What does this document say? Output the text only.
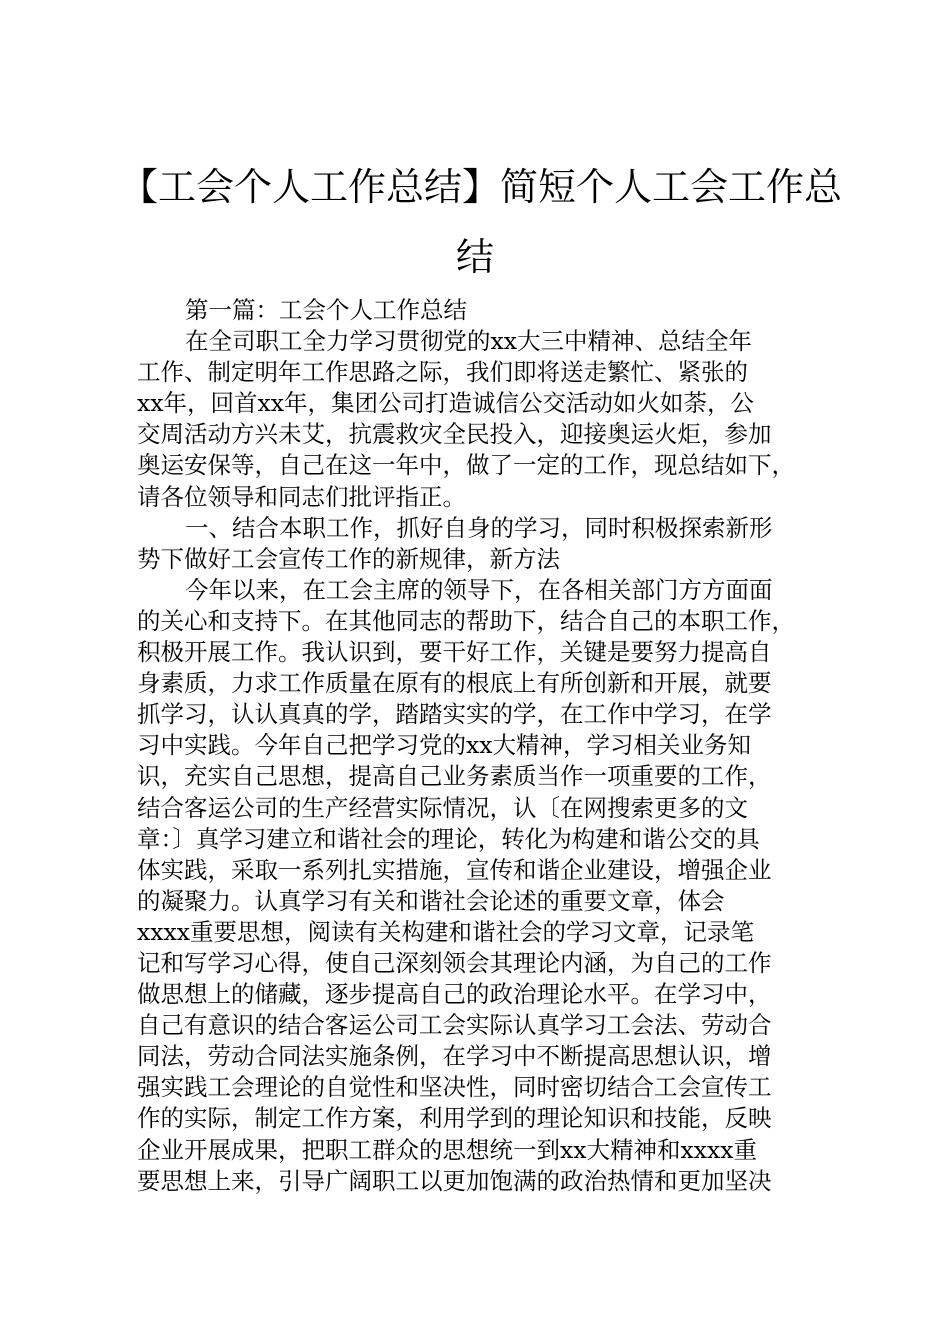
【工会个人工作总结】简短个人工会工作总
结
第一篇：工会个人工作总结
在全司职工全力学习贯彻党的xx大三中精神、总结全年
工作、制定明年工作思路之际，我们即将送走繁忙、紧张的
xx年，回首xx年，集团公司打造诚信公交活动如火如荼，公
交周活动方兴未艾，抗震救灾全民投入，迎接奥运火炬，参加
奥运安保等，自己在这一年中，做了一定的工作，现总结如下，
请各位领导和同志们批评指正。
一、结合本职工作，抓好自身的学习，同时积极探索新形
势下做好工会宣传工作的新规律，新方法
今年以来，在工会主席的领导下，在各相关部门方方面面
的关心和支持下。在其他同志的帮助下，结合自己的本职工作，
积极开展工作。我认识到，要干好工作，关键是要努力提高自
身素质，力求工作质量在原有的根底上有所创新和开展，就要
抓学习，认认真真的学，踏踏实实的学，在工作中学习，在学
习中实践。今年自己把学习党的xx大精神，学习相关业务知
识，充实自己思想，提高自己业务素质当作一项重要的工作，
结合客运公司的生产经营实际情况，认〔在网搜索更多的文
章：〕真学习建立和谐社会的理论，转化为构建和谐公交的具
体实践，采取一系列扎实措施，宣传和谐企业建设，增强企业
的凝聚力。认真学习有关和谐社会论述的重要文章，体会
xxxx重要思想，阅读有关构建和谐社会的学习文章，记录笔
记和写学习心得，使自己深刻领会其理论内涵，为自己的工作
做思想上的储藏，逐步提高自己的政治理论水平。在学习中，
自己有意识的结合客运公司工会实际认真学习工会法、劳动合
同法，劳动合同法实施条例，在学习中不断提高思想认识，增
强实践工会理论的自觉性和坚决性，同时密切结合工会宣传工
作的实际，制定工作方案，利用学到的理论知识和技能，反映
企业开展成果，把职工群众的思想统一到xx大精神和xxxx重
要思想上来，引导广阔职工以更加饱满的政治热情和更加坚决
